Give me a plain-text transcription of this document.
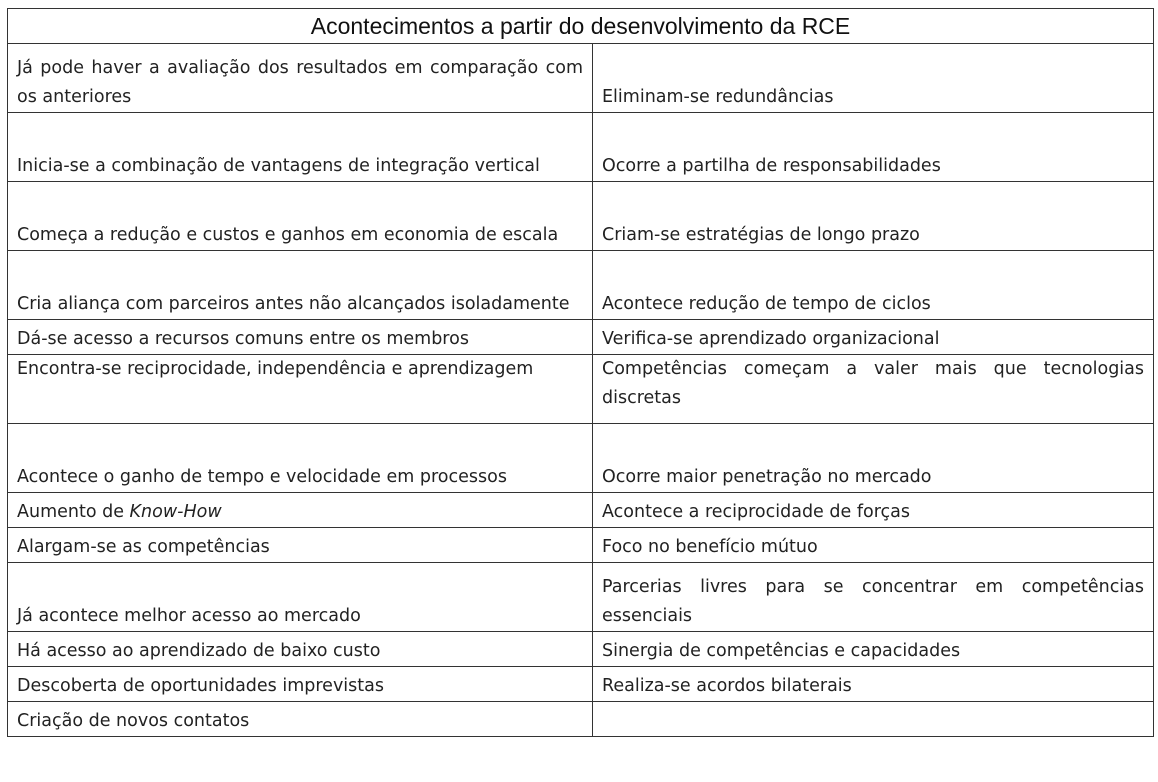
Acontecimentos a partir do desenvolvimento da RCE	
Já pode haver a avaliação dos resultados em comparação com os anteriores	Eliminam-se redundâncias
Inicia-se a combinação de vantagens de integração vertical	Ocorre a partilha de responsabilidades
Começa a redução e custos e ganhos em economia de escala	Criam-se estratégias de longo prazo
Cria aliança com parceiros antes não alcançados isoladamente	Acontece redução de tempo de ciclos
Dá-se acesso a recursos comuns entre os membros	Verifica-se aprendizado organizacional
Encontra-se reciprocidade, independência e aprendizagem	Competências começam a valer mais que tecnologias discretas
Acontece o ganho de tempo e velocidade em processos	Ocorre maior penetração no mercado
Aumento de Know-How	Acontece a reciprocidade de forças
Alargam-se as competências	Foco no benefício mútuo
Já acontece melhor acesso ao mercado	Parcerias livres para se concentrar em competências essenciais
Há acesso ao aprendizado de baixo custo	Sinergia de competências e capacidades
Descoberta de oportunidades imprevistas	Realiza-se acordos bilaterais
Criação de novos contatos	
